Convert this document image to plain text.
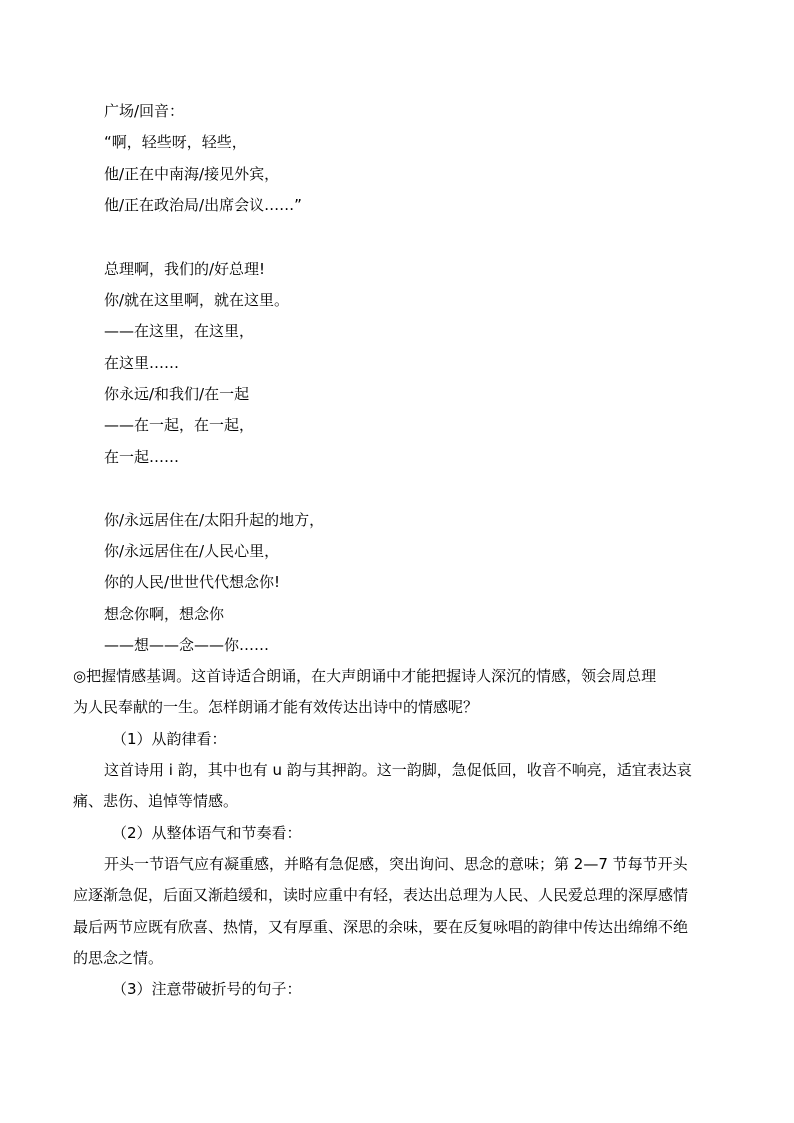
广场/回音：
“啊，轻些呀，轻些，
他/正在中南海/接见外宾，
他/正在政治局/出席会议……”
总理啊，我们的/好总理!
你/就在这里啊，就在这里。
——在这里，在这里，
在这里……
你永远/和我们/在一起
——在一起，在一起，
在一起……
你/永远居住在/太阳升起的地方，
你/永远居住在/人民心里，
你的人民/世世代代想念你!
想念你啊，想念你
——想——念——你……
◎把握情感基调。这首诗适合朗诵，在大声朗诵中才能把握诗人深沉的情感，领会周总理
为人民奉献的一生。怎样朗诵才能有效传达出诗中的情感呢？
（1）从韵律看：
这首诗用 i 韵，其中也有 u 韵与其押韵。这一韵脚，急促低回，收音不响亮，适宜表达哀
痛、悲伤、追悼等情感。
（2）从整体语气和节奏看：
开头一节语气应有凝重感，并略有急促感，突出询问、思念的意味；第 2—7 节每节开头
应逐渐急促，后面又渐趋缓和，读时应重中有轻，表达出总理为人民、人民爱总理的深厚感情
最后两节应既有欣喜、热情，又有厚重、深思的余味，要在反复咏唱的韵律中传达出绵绵不绝
的思念之情。
（3）注意带破折号的句子：
